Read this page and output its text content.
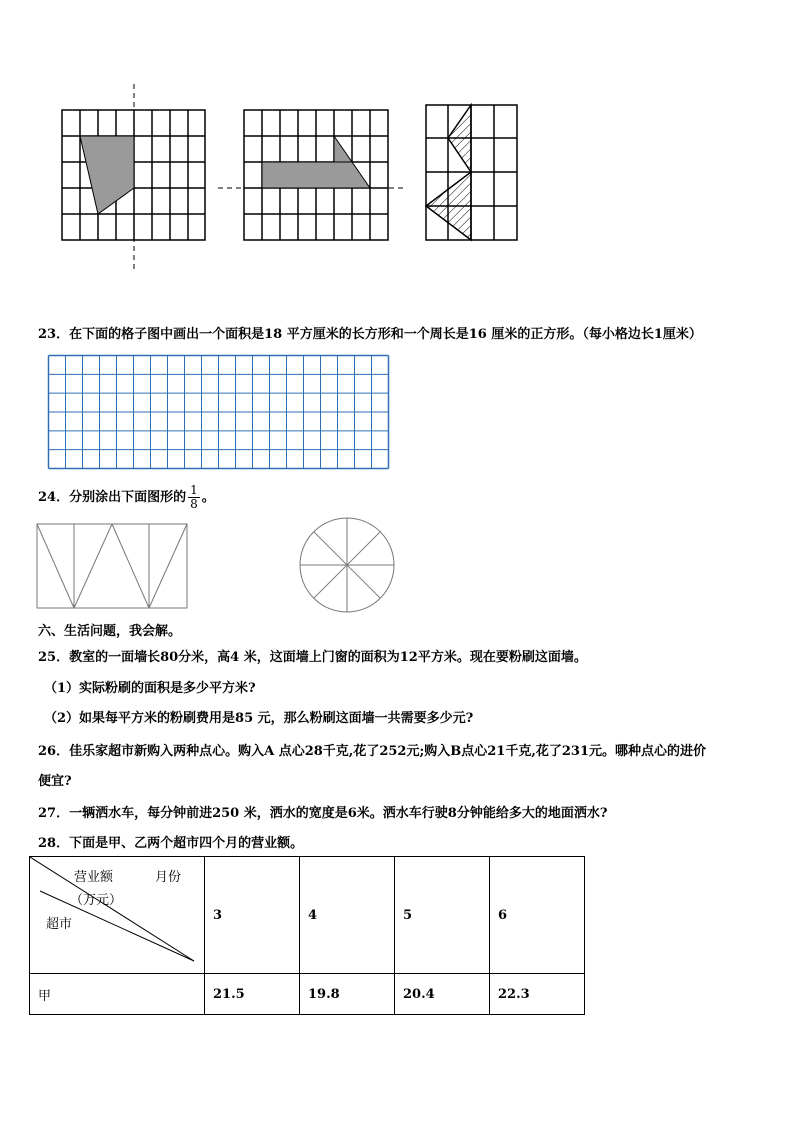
23．在下面的格子图中画出一个面积是18 平方厘米的长方形和一个周长是16 厘米的正方形。（每小格边长1厘米）
24．分别涂出下面图形的 $\frac{1}{8}$ 。
六、生活问题，我会解。
25．教室的一面墙长80分米，高4 米，这面墙上门窗的面积为12平方米。现在要粉刷这面墙。
（1）实际粉刷的面积是多少平方米?
（2）如果每平方米的粉刷费用是85 元，那么粉刷这面墙一共需要多少元?
26．佳乐家超市新购入两种点心。购入A 点心28千克,花了252元;购入B点心21千克,花了231元。哪种点心的进价
便宜?
27．一辆洒水车，每分钟前进250 米，洒水的宽度是6米。洒水车行驶8分钟能给多大的地面洒水?
28．下面是甲、乙两个超市四个月的营业额。
营业额
（万元）
月份
超市	3	4	5	6
甲	21.5	19.8	20.4	22.3
